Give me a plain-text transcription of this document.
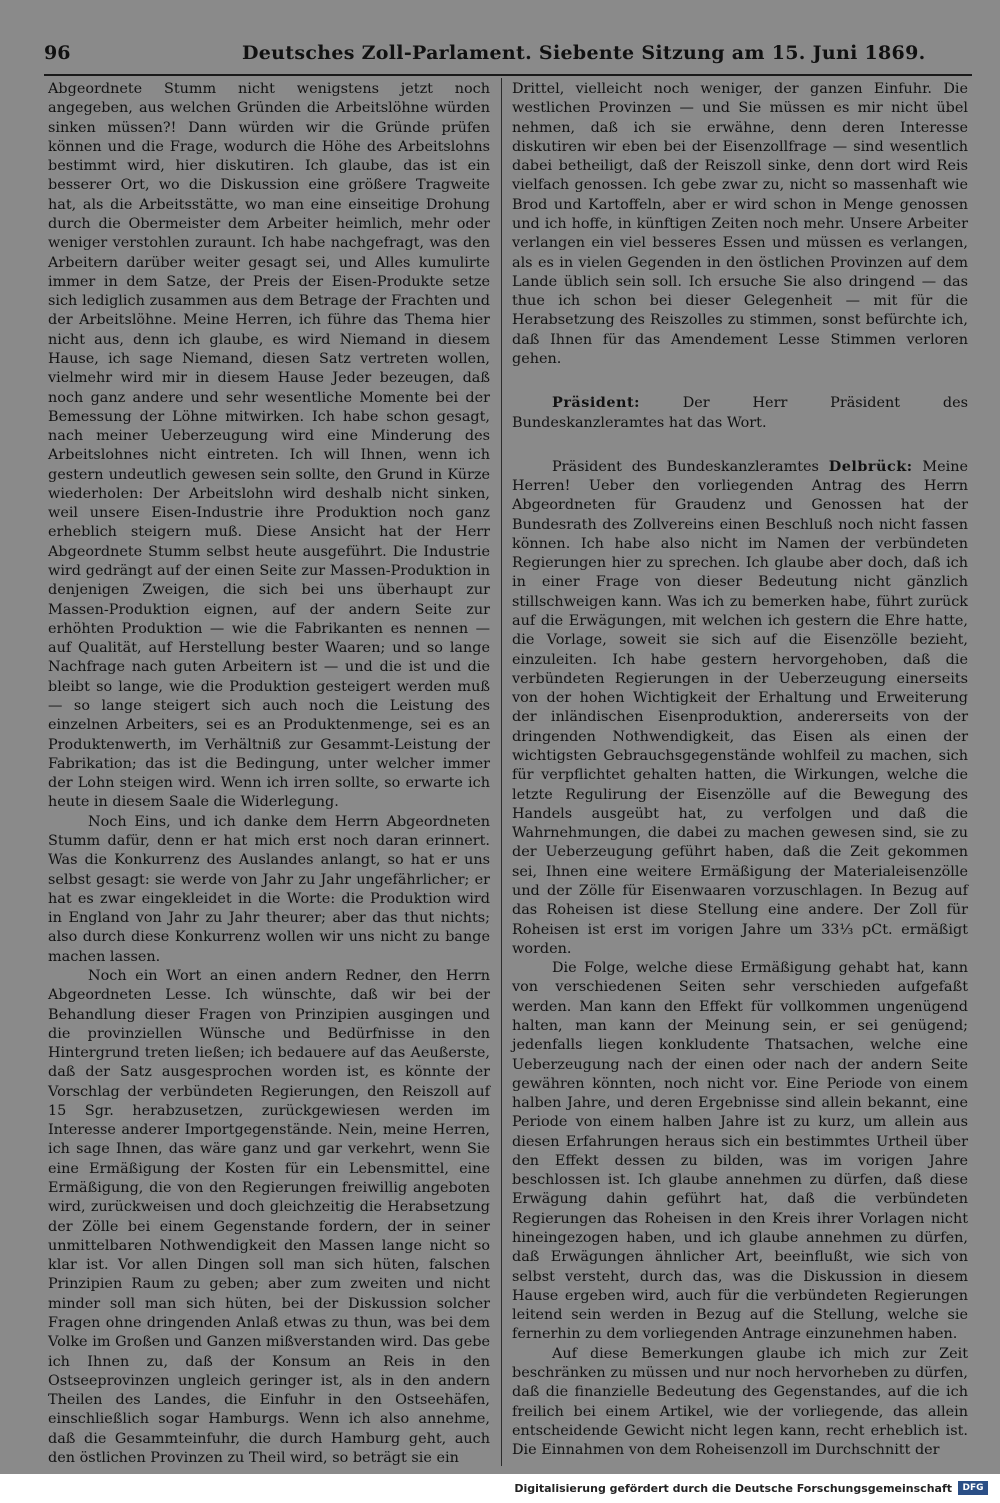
96	Deutsches Zoll-Parlament. Siebente Sitzung am 15. Juni 1869.

Abgeordnete Stumm nicht wenigstens jetzt noch angegeben, aus welchen Gründen die Arbeitslöhne würden sinken müssen?! Dann würden wir die Gründe prüfen können und die Frage, wodurch die Höhe des Arbeitslohns bestimmt wird, hier diskutiren. Ich glaube, das ist ein besserer Ort, wo die Diskussion eine größere Tragweite hat, als die Arbeitsstätte, wo man eine einseitige Drohung durch die Obermeister dem Arbeiter heimlich, mehr oder weniger verstohlen zuraunt. Ich habe nachgefragt, was den Arbeitern darüber weiter gesagt sei, und Alles kumulirte immer in dem Satze, der Preis der Eisen-Produkte setze sich lediglich zusammen aus dem Betrage der Frachten und der Arbeitslöhne. Meine Herren, ich führe das Thema hier nicht aus, denn ich glaube, es wird Niemand in diesem Hause, ich sage Niemand, diesen Satz vertreten wollen, vielmehr wird mir in diesem Hause Jeder bezeugen, daß noch ganz andere und sehr wesentliche Momente bei der Bemessung der Löhne mitwirken. Ich habe schon gesagt, nach meiner Ueberzeugung wird eine Minderung des Arbeitslohnes nicht eintreten. Ich will Ihnen, wenn ich gestern undeutlich gewesen sein sollte, den Grund in Kürze wiederholen: Der Arbeitslohn wird deshalb nicht sinken, weil unsere Eisen-Industrie ihre Produktion noch ganz erheblich steigern muß. Diese Ansicht hat der Herr Abgeordnete Stumm selbst heute ausgeführt. Die Industrie wird gedrängt auf der einen Seite zur Massen-Produktion in denjenigen Zweigen, die sich bei uns überhaupt zur Massen-Produktion eignen, auf der andern Seite zur erhöhten Produktion — wie die Fabrikanten es nennen — auf Qualität, auf Herstellung bester Waaren; und so lange Nachfrage nach guten Arbeitern ist — und die ist und die bleibt so lange, wie die Produktion gesteigert werden muß — so lange steigert sich auch noch die Leistung des einzelnen Arbeiters, sei es an Produktenmenge, sei es an Produktenwerth, im Verhältniß zur Gesammt-Leistung der Fabrikation; das ist die Bedingung, unter welcher immer der Lohn steigen wird. Wenn ich irren sollte, so erwarte ich heute in diesem Saale die Widerlegung.

Noch Eins, und ich danke dem Herrn Abgeordneten Stumm dafür, denn er hat mich erst noch daran erinnert. Was die Konkurrenz des Auslandes anlangt, so hat er uns selbst gesagt: sie werde von Jahr zu Jahr ungefährlicher; er hat es zwar eingekleidet in die Worte: die Produktion wird in England von Jahr zu Jahr theurer; aber das thut nichts; also durch diese Konkurrenz wollen wir uns nicht zu bange machen lassen.

Noch ein Wort an einen andern Redner, den Herrn Abgeordneten Lesse. Ich wünschte, daß wir bei der Behandlung dieser Fragen von Prinzipien ausgingen und die provinziellen Wünsche und Bedürfnisse in den Hintergrund treten ließen; ich bedauere auf das Aeußerste, daß der Satz ausgesprochen worden ist, es könnte der Vorschlag der verbündeten Regierungen, den Reiszoll auf 15 Sgr. herabzusetzen, zurückgewiesen werden im Interesse anderer Importgegenstände. Nein, meine Herren, ich sage Ihnen, das wäre ganz und gar verkehrt, wenn Sie eine Ermäßigung der Kosten für ein Lebensmittel, eine Ermäßigung, die von den Regierungen freiwillig angeboten wird, zurückweisen und doch gleichzeitig die Herabsetzung der Zölle bei einem Gegenstande fordern, der in seiner unmittelbaren Nothwendigkeit den Massen lange nicht so klar ist. Vor allen Dingen soll man sich hüten, falschen Prinzipien Raum zu geben; aber zum zweiten und nicht minder soll man sich hüten, bei der Diskussion solcher Fragen ohne dringenden Anlaß etwas zu thun, was bei dem Volke im Großen und Ganzen mißverstanden wird. Das gebe ich Ihnen zu, daß der Konsum an Reis in den Ostseeprovinzen ungleich geringer ist, als in den andern Theilen des Landes, die Einfuhr in den Ostseehäfen, einschließlich sogar Hamburgs. Wenn ich also annehme, daß die Gesammteinfuhr, die durch Hamburg geht, auch den östlichen Provinzen zu Theil wird, so beträgt sie ein

Drittel, vielleicht noch weniger, der ganzen Einfuhr. Die westlichen Provinzen — und Sie müssen es mir nicht übel nehmen, daß ich sie erwähne, denn deren Interesse diskutiren wir eben bei der Eisenzollfrage — sind wesentlich dabei betheiligt, daß der Reiszoll sinke, denn dort wird Reis vielfach genossen. Ich gebe zwar zu, nicht so massenhaft wie Brod und Kartoffeln, aber er wird schon in Menge genossen und ich hoffe, in künftigen Zeiten noch mehr. Unsere Arbeiter verlangen ein viel besseres Essen und müssen es verlangen, als es in vielen Gegenden in den östlichen Provinzen auf dem Lande üblich sein soll. Ich ersuche Sie also dringend — das thue ich schon bei dieser Gelegenheit — mit für die Herabsetzung des Reiszolles zu stimmen, sonst befürchte ich, daß Ihnen für das Amendement Lesse Stimmen verloren gehen.

Präsident: Der Herr Präsident des Bundeskanzleramtes hat das Wort.

Präsident des Bundeskanzleramtes Delbrück: Meine Herren! Ueber den vorliegenden Antrag des Herrn Abgeordneten für Graudenz und Genossen hat der Bundesrath des Zollvereins einen Beschluß noch nicht fassen können. Ich habe also nicht im Namen der verbündeten Regierungen hier zu sprechen. Ich glaube aber doch, daß ich in einer Frage von dieser Bedeutung nicht gänzlich stillschweigen kann. Was ich zu bemerken habe, führt zurück auf die Erwägungen, mit welchen ich gestern die Ehre hatte, die Vorlage, soweit sie sich auf die Eisenzölle bezieht, einzuleiten. Ich habe gestern hervorgehoben, daß die verbündeten Regierungen in der Ueberzeugung einerseits von der hohen Wichtigkeit der Erhaltung und Erweiterung der inländischen Eisenproduktion, andererseits von der dringenden Nothwendigkeit, das Eisen als einen der wichtigsten Gebrauchsgegenstände wohlfeil zu machen, sich für verpflichtet gehalten hatten, die Wirkungen, welche die letzte Regulirung der Eisenzölle auf die Bewegung des Handels ausgeübt hat, zu verfolgen und daß die Wahrnehmungen, die dabei zu machen gewesen sind, sie zu der Ueberzeugung geführt haben, daß die Zeit gekommen sei, Ihnen eine weitere Ermäßigung der Materialeisenzölle und der Zölle für Eisenwaaren vorzuschlagen. In Bezug auf das Roheisen ist diese Stellung eine andere. Der Zoll für Roheisen ist erst im vorigen Jahre um 33⅓ pCt. ermäßigt worden.

Die Folge, welche diese Ermäßigung gehabt hat, kann von verschiedenen Seiten sehr verschieden aufgefaßt werden. Man kann den Effekt für vollkommen ungenügend halten, man kann der Meinung sein, er sei genügend; jedenfalls liegen konkludente Thatsachen, welche eine Ueberzeugung nach der einen oder nach der andern Seite gewähren könnten, noch nicht vor. Eine Periode von einem halben Jahre, und deren Ergebnisse sind allein bekannt, eine Periode von einem halben Jahre ist zu kurz, um allein aus diesen Erfahrungen heraus sich ein bestimmtes Urtheil über den Effekt dessen zu bilden, was im vorigen Jahre beschlossen ist. Ich glaube annehmen zu dürfen, daß diese Erwägung dahin geführt hat, daß die verbündeten Regierungen das Roheisen in den Kreis ihrer Vorlagen nicht hineingezogen haben, und ich glaube annehmen zu dürfen, daß Erwägungen ähnlicher Art, beeinflußt, wie sich von selbst versteht, durch das, was die Diskussion in diesem Hause ergeben wird, auch für die verbündeten Regierungen leitend sein werden in Bezug auf die Stellung, welche sie fernerhin zu dem vorliegenden Antrage einzunehmen haben.

Auf diese Bemerkungen glaube ich mich zur Zeit beschränken zu müssen und nur noch hervorheben zu dürfen, daß die finanzielle Bedeutung des Gegenstandes, auf die ich freilich bei einem Artikel, wie der vorliegende, das allein entscheidende Gewicht nicht legen kann, recht erheblich ist. Die Einnahmen von dem Roheisenzoll im Durchschnitt der

Digitalisierung gefördert durch die Deutsche Forschungsgemeinschaft	DFG
